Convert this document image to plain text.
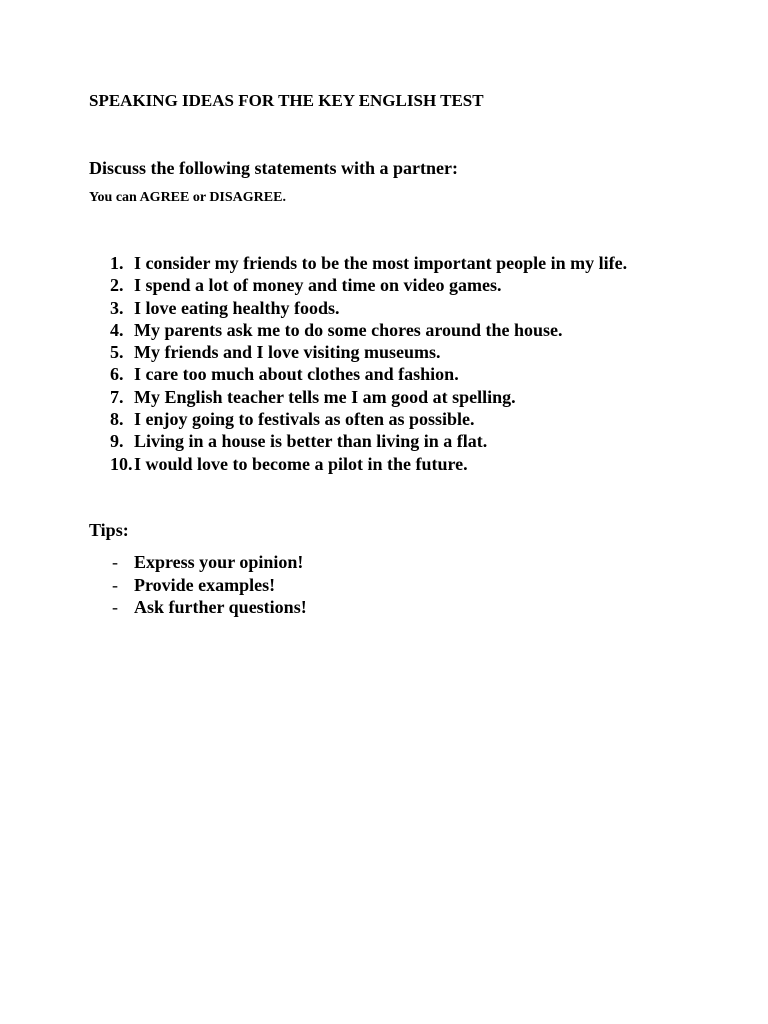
SPEAKING IDEAS FOR THE KEY ENGLISH TEST
Discuss the following statements with a partner:
You can AGREE or DISAGREE.
1. I consider my friends to be the most important people in my life.
2. I spend a lot of money and time on video games.
3. I love eating healthy foods.
4. My parents ask me to do some chores around the house.
5. My friends and I love visiting museums.
6. I care too much about clothes and fashion.
7. My English teacher tells me I am good at spelling.
8. I enjoy going to festivals as often as possible.
9. Living in a house is better than living in a flat.
10.I would love to become a pilot in the future.
Tips:
- Express your opinion!
- Provide examples!
- Ask further questions!
